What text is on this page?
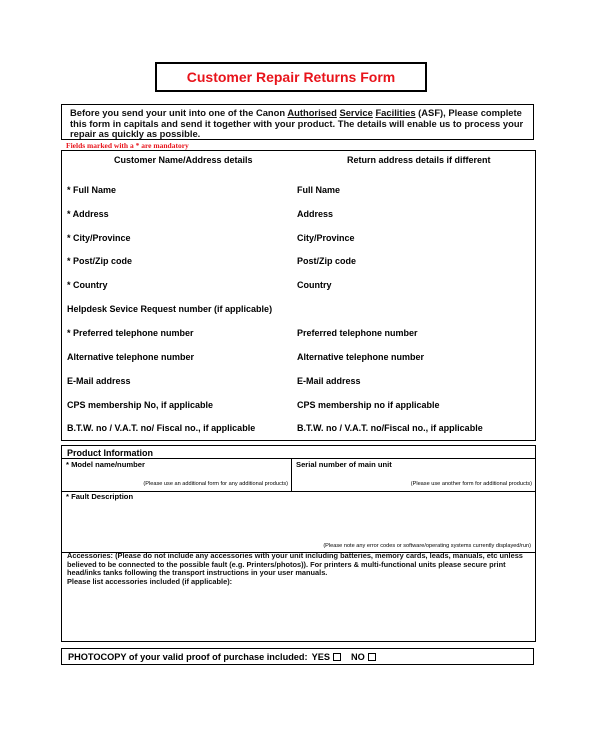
Customer Repair Returns Form
Before you send your unit into one of the Canon Authorised Service Facilities (ASF), Please complete this form in capitals and send it together with your product. The details will enable us to process your repair as quickly as possible.
Fields marked with a * are mandatory
Customer Name/Address details	Return address details if different
* Full Name
* Address
* City/Province
* Post/Zip code
* Country
Helpdesk Sevice Request number (if applicable)
* Preferred telephone number
Alternative telephone number
E-Mail address
CPS membership No, if applicable
B.T.W. no / V.A.T. no/ Fiscal no., if applicable
Full Name
Address
City/Province
Post/Zip code
Country
Preferred telephone number
Alternative telephone number
E-Mail address
CPS membership no if applicable
B.T.W. no / V.A.T. no/Fiscal no., if applicable
Product Information
* Model name/number
(Please use an additional form for any additional products)
Serial number of main unit
(Please use another form for additional products)
* Fault Description
(Please note any error codes or software/operating systems currently displayed/run)
Accessories: (Please do not include any accessories with your unit including batteries, memory cards, leads, manuals, etc unless believed to be connected to the possible fault (e.g. Printers/photos)). For printers & multi-functional units please secure print head/inks tanks following the transport instructions in your user manuals.
Please list accessories included (if applicable):
PHOTOCOPY of your valid proof of purchase included: YES NO
